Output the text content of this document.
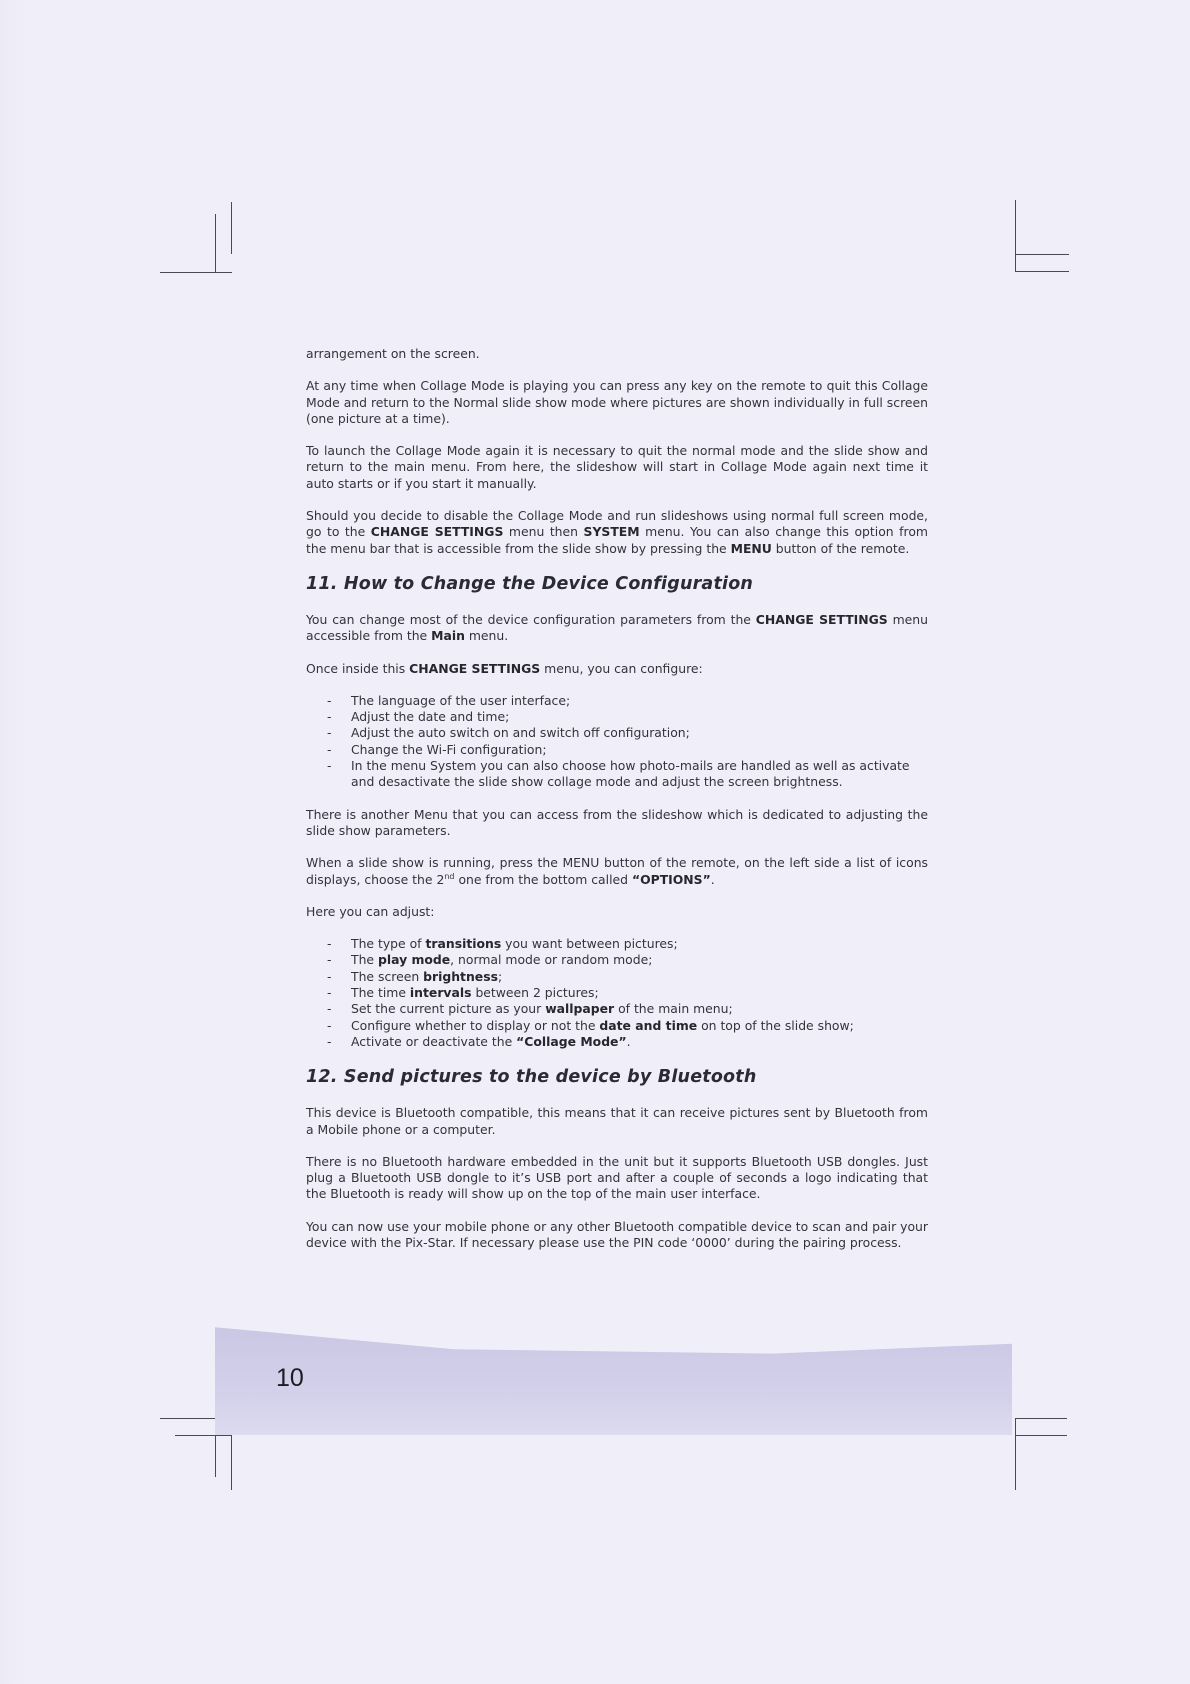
arrangement on the screen.

At any time when Collage Mode is playing you can press any key on the remote to quit this Collage Mode and return to the Normal slide show mode where pictures are shown individually in full screen (one picture at a time).

To launch the Collage Mode again it is necessary to quit the normal mode and the slide show and return to the main menu. From here, the slideshow will start in Collage Mode again next time it auto starts or if you start it manually.

Should you decide to disable the Collage Mode and run slideshows using normal full screen mode, go to the CHANGE SETTINGS menu then SYSTEM menu. You can also change this option from the menu bar that is accessible from the slide show by pressing the MENU button of the remote.

11. How to Change the Device Configuration

You can change most of the device configuration parameters from the CHANGE SETTINGS menu accessible from the Main menu.

Once inside this CHANGE SETTINGS menu, you can configure:

- The language of the user interface;
- Adjust the date and time;
- Adjust the auto switch on and switch off configuration;
- Change the Wi-Fi configuration;
- In the menu System you can also choose how photo-mails are handled as well as activate and desactivate the slide show collage mode and adjust the screen brightness.

There is another Menu that you can access from the slideshow which is dedicated to adjusting the slide show parameters.

When a slide show is running, press the MENU button of the remote, on the left side a list of icons displays, choose the 2nd one from the bottom called “OPTIONS”.

Here you can adjust:

- The type of transitions you want between pictures;
- The play mode, normal mode or random mode;
- The screen brightness;
- The time intervals between 2 pictures;
- Set the current picture as your wallpaper of the main menu;
- Configure whether to display or not the date and time on top of the slide show;
- Activate or deactivate the “Collage Mode”.
12. Send pictures to the device by Bluetooth

This device is Bluetooth compatible, this means that it can receive pictures sent by Bluetooth from a Mobile phone or a computer.

There is no Bluetooth hardware embedded in the unit but it supports Bluetooth USB dongles. Just plug a Bluetooth USB dongle to it’s USB port and after a couple of seconds a logo indicating that the Bluetooth is ready will show up on the top of the main user interface.

You can now use your mobile phone or any other Bluetooth compatible device to scan and pair your device with the Pix-Star. If necessary please use the PIN code ‘0000’ during the pairing process.

10
